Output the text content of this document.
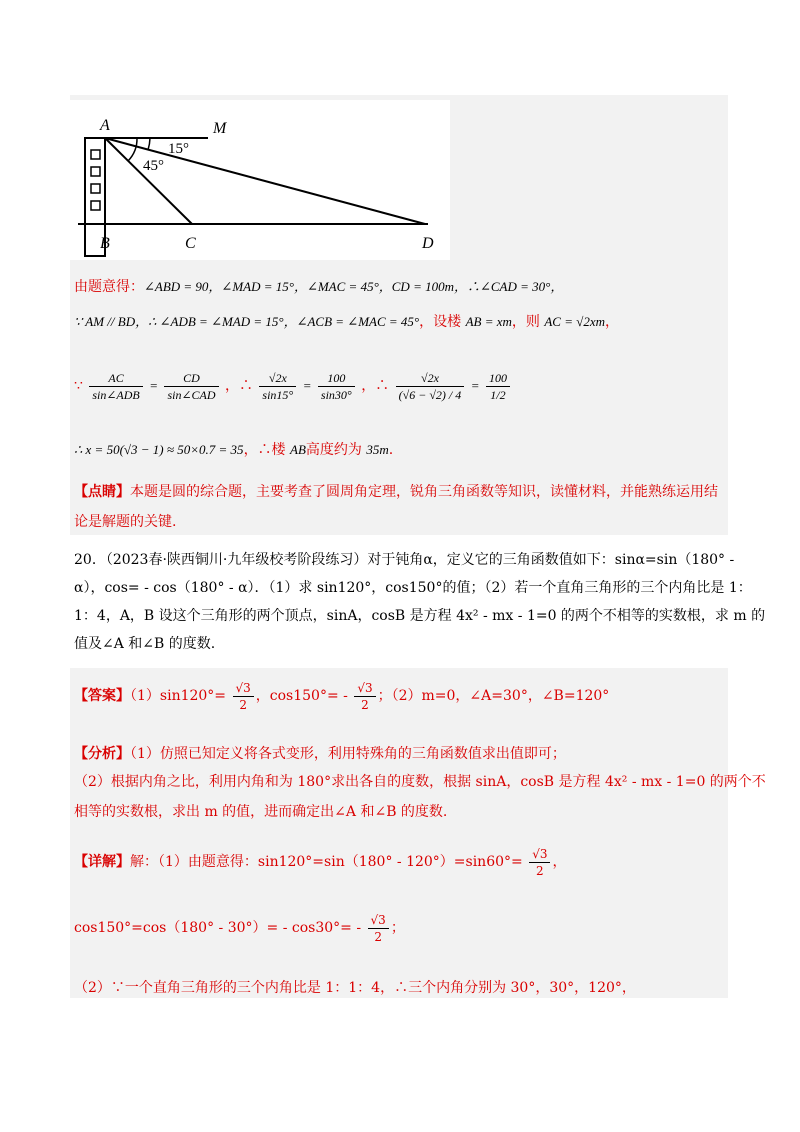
A	M
B	C	D
15°
45°
由题意得：∠ABD = 90，∠MAD = 15°，∠MAC = 45°，CD = 100m，∴∠CAD = 30°，
∵ AM // BD，∴ ∠ADB = ∠MAD = 15°，∠ACB = ∠MAC = 45°，设楼 AB = xm，则 AC = √2xm，
∵ $\frac{AC}{\text{sin∠ADB}} = \frac{CD}{\text{sin∠CAD}}$ ，∴ $\frac{√2x}{\sin 15^\circ} = \frac{100}{\sin 30^\circ}$ ，∴ $\frac{√2x}{(√6 - √2) / 4} = \frac{100}{1/2}$
∴ x = 50(√3 − 1) ≈ 50×0.7 = 35，∴楼 AB高度约为 35m.
【点睛】本题是圆的综合题，主要考查了圆周角定理，锐角三角函数等知识，读懂材料，并能熟练运用结
论是解题的关键.
20．（2023春·陕西铜川·九年级校考阶段练习）对于钝角α，定义它的三角函数值如下：sinα=sin（180° -
α），cos= - cos（180° - α）．（1）求 sin120°，cos150°的值；（2）若一个直角三角形的三个内角比是 1：
1：4，A，B 设这个三角形的两个顶点，sinA，cosB 是方程 4x² - mx - 1=0 的两个不相等的实数根，求 m 的
值及∠A 和∠B 的度数.
【答案】$(1)\sin 120^\circ= \frac{√3}{2}$ ，$\cos 150^\circ= - \frac{√3}{2}$ ；（2）m=0，∠A=30°，∠B=120°
【分析】（1）仿照已知定义将各式变形，利用特殊角的三角函数值求出值即可；
（2）根据内角之比，利用内角和为 180°求出各自的度数，根据 sinA，cosB 是方程 4x² - mx - 1=0 的两个不
相等的实数根，求出 m 的值，进而确定出∠A 和∠B 的度数.
【详解】解：（1）由题意得：$\sin 120^\circ=\sin(180^\circ - 120^\circ)=\sin 60^\circ= \frac{√3}{2}$ ，
$\cos 150^\circ=\cos(180^\circ - 30^\circ)= - \cos 30^\circ= - \frac{√3}{2}$ ；
（2）∵一个直角三角形的三个内角比是 1：1：4，∴三个内角分别为 30°，30°，120°，
